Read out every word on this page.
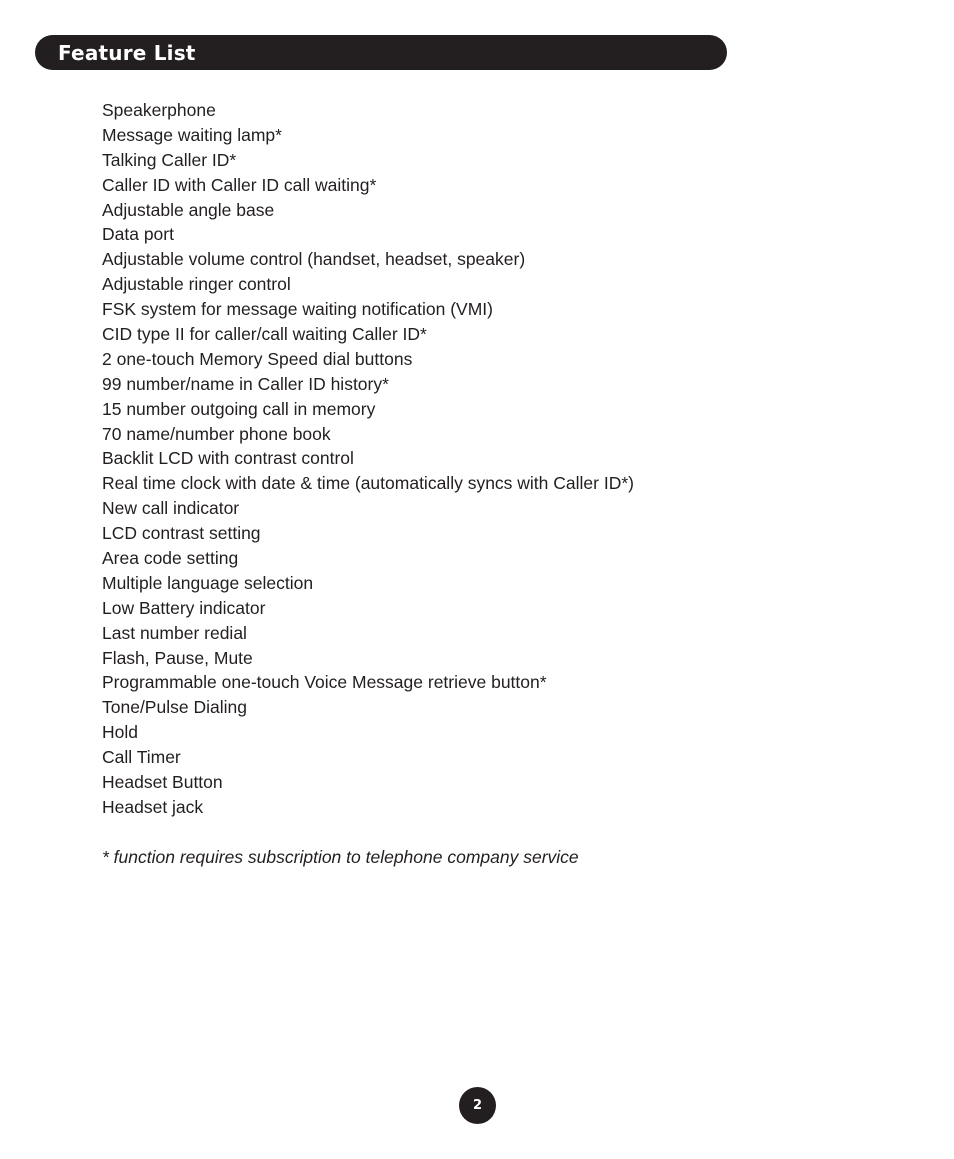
Feature List
Speakerphone
Message waiting lamp*
Talking Caller ID*
Caller ID with Caller ID call waiting*
Adjustable angle base
Data port
Adjustable volume control (handset, headset, speaker)
Adjustable ringer control
FSK system for message waiting notification (VMI)
CID type II for caller/call waiting Caller ID*
2 one-touch Memory Speed dial buttons
99 number/name in Caller ID history*
15 number outgoing call in memory
70 name/number phone book
Backlit LCD with contrast control
Real time clock with date & time (automatically syncs with Caller ID*)
New call indicator
LCD contrast setting
Area code setting
Multiple language selection
Low Battery indicator
Last number redial
Flash, Pause, Mute
Programmable one-touch Voice Message retrieve button*
Tone/Pulse Dialing
Hold
Call Timer
Headset Button
Headset jack
* function requires subscription to telephone company service
2
